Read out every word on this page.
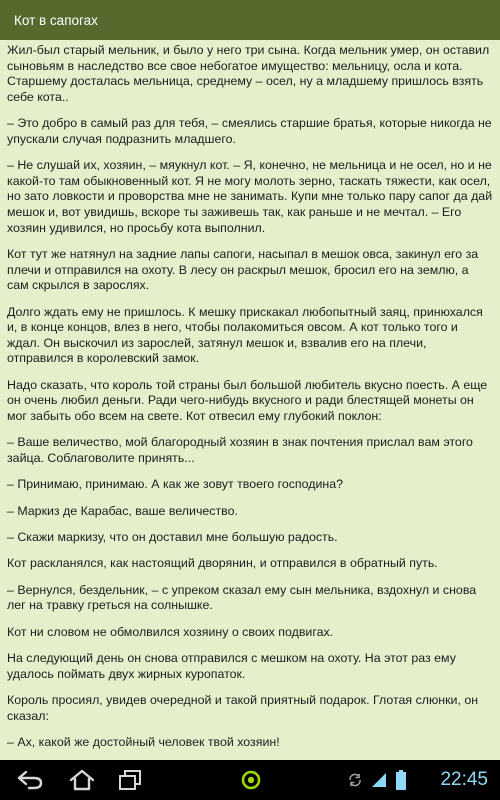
Кот в сапогах

Жил-был старый мельник, и было у него три сына. Когда мельник умер, он оставил сыновьям в наследство все свое небогатое имущество: мельницу, осла и кота. Старшему досталась мельница, среднему – осел, ну а младшему пришлось взять себе кота..

– Это добро в самый раз для тебя, – смеялись старшие братья, которые никогда не упускали случая подразнить младшего.

– Не слушай их, хозяин, – мяукнул кот. – Я, конечно, не мельница и не осел, но и не какой-то там обыкновенный кот. Я не могу молоть зерно, таскать тяжести, как осел, но зато ловкости и проворства мне не занимать. Купи мне только пару сапог да дай мешок и, вот увидишь, вскоре ты заживешь так, как раньше и не мечтал. – Его хозяин удивился, но просьбу кота выполнил.

Кот тут же натянул на задние лапы сапоги, насыпал в мешок овса, закинул его за плечи и отправился на охоту. В лесу он раскрыл мешок, бросил его на землю, а сам скрылся в зарослях.

Долго ждать ему не пришлось. К мешку прискакал любопытный заяц, принюхался и, в конце концов, влез в него, чтобы полакомиться овсом. А кот только того и ждал. Он выскочил из зарослей, затянул мешок и, взвалив его на плечи, отправился в королевский замок.

Надо сказать, что король той страны был большой любитель вкусно поесть. А еще он очень любил деньги. Ради чего-нибудь вкусного и ради блестящей монеты он мог забыть обо всем на свете. Кот отвесил ему глубокий поклон:

– Ваше величество, мой благородный хозяин в знак почтения прислал вам этого зайца. Соблаговолите принять...

– Принимаю, принимаю. А как же зовут твоего господина?

– Маркиз де Карабас, ваше величество.

– Скажи маркизу, что он доставил мне большую радость.

Кот раскланялся, как настоящий дворянин, и отправился в обратный путь.

– Вернулся, бездельник, – с упреком сказал ему сын мельника, вздохнул и снова лег на травку греться на солнышке.

Кот ни словом не обмолвился хозяину о своих подвигах.

На следующий день он снова отправился с мешком на охоту. На этот раз ему удалось поймать двух жирных куропаток.

Король просиял, увидев очередной и такой приятный подарок. Глотая слюнки, он сказал:

– Ах, какой же достойный человек твой хозяин!

22:45
